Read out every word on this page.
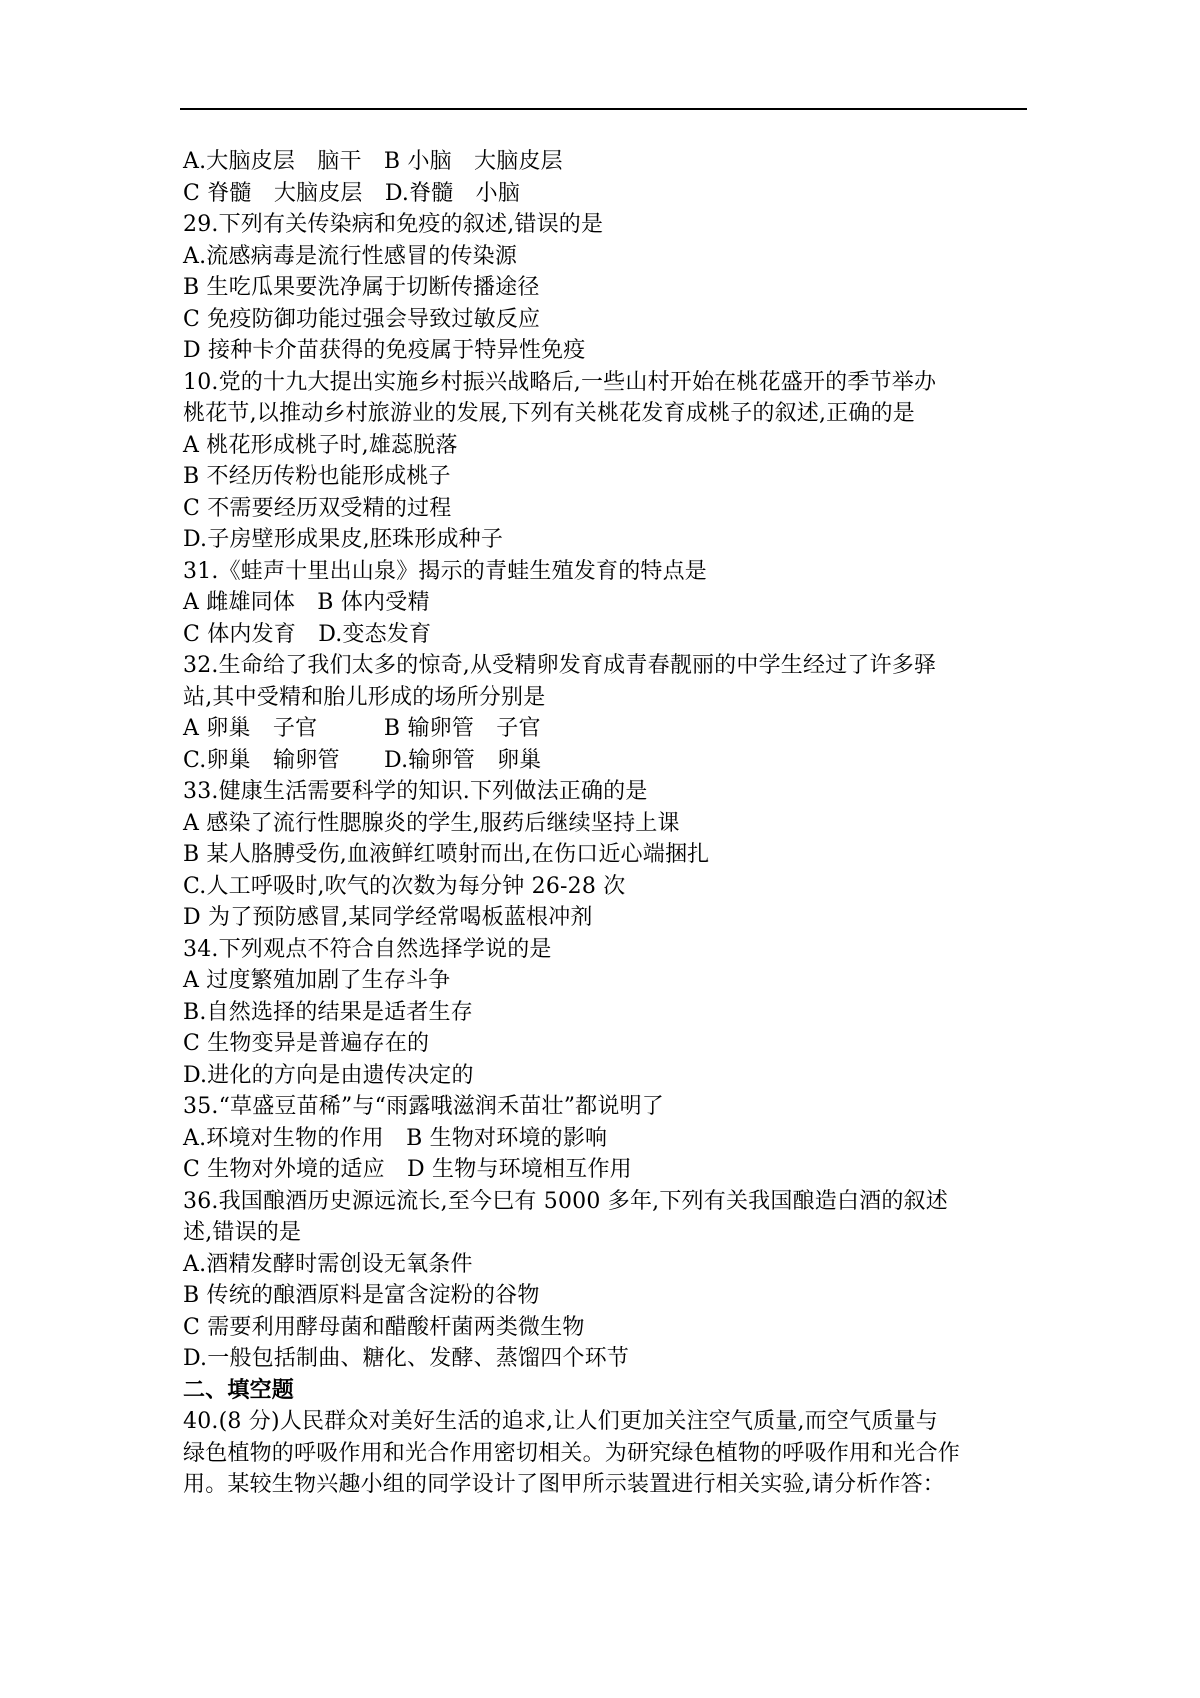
A.大脑皮层　脑干　B 小脑　大脑皮层
C 脊髓　大脑皮层　D.脊髓　小脑
29.下列有关传染病和免疫的叙述,错误的是
A.流感病毒是流行性感冒的传染源
B 生吃瓜果要洗净属于切断传播途径
C 免疫防御功能过强会导致过敏反应
D 接种卡介苗获得的免疫属于特异性免疫
10.党的十九大提出实施乡村振兴战略后,一些山村开始在桃花盛开的季节举办
桃花节,以推动乡村旅游业的发展,下列有关桃花发育成桃子的叙述,正确的是
A 桃花形成桃子时,雄蕊脱落
B 不经历传粉也能形成桃子
C 不需要经历双受精的过程
D.子房壁形成果皮,胚珠形成种子
31.《蛙声十里出山泉》揭示的青蛙生殖发育的特点是
A 雌雄同体　B 体内受精
C 体内发育　D.变态发育
32.生命给了我们太多的惊奇,从受精卵发育成青春靓丽的中学生经过了许多驿
站,其中受精和胎儿形成的场所分别是
A 卵巢　子官　　　B 输卵管　子官
C.卵巢　输卵管　　D.输卵管　卵巢
33.健康生活需要科学的知识.下列做法正确的是
A 感染了流行性腮腺炎的学生,服药后继续坚持上课
B 某人胳膊受伤,血液鲜红喷射而出,在伤口近心端捆扎
C.人工呼吸时,吹气的次数为每分钟 26-28 次
D 为了预防感冒,某同学经常喝板蓝根冲剂
34.下列观点不符合自然选择学说的是
A 过度繁殖加剧了生存斗争
B.自然选择的结果是适者生存
C 生物变异是普遍存在的
D.进化的方向是由遗传决定的
35.“草盛豆苗稀”与“雨露哦滋润禾苗壮”都说明了
A.环境对生物的作用　B 生物对环境的影响
C 生物对外境的适应　D 生物与环境相互作用
36.我国酿酒历史源远流长,至今巳有 5000 多年,下列有关我国酿造白酒的叙述
述,错误的是
A.酒精发酵时需创设无氧条件
B 传统的酿酒原料是富含淀粉的谷物
C 需要利用酵母菌和醋酸杆菌两类微生物
D.一般包括制曲、糖化、发酵、蒸馏四个环节
二、填空题
40.(8 分)人民群众对美好生活的追求,让人们更加关注空气质量,而空气质量与
绿色植物的呼吸作用和光合作用密切相关。为研究绿色植物的呼吸作用和光合作
用。某较生物兴趣小组的同学设计了图甲所示装置进行相关实验,请分析作答：
